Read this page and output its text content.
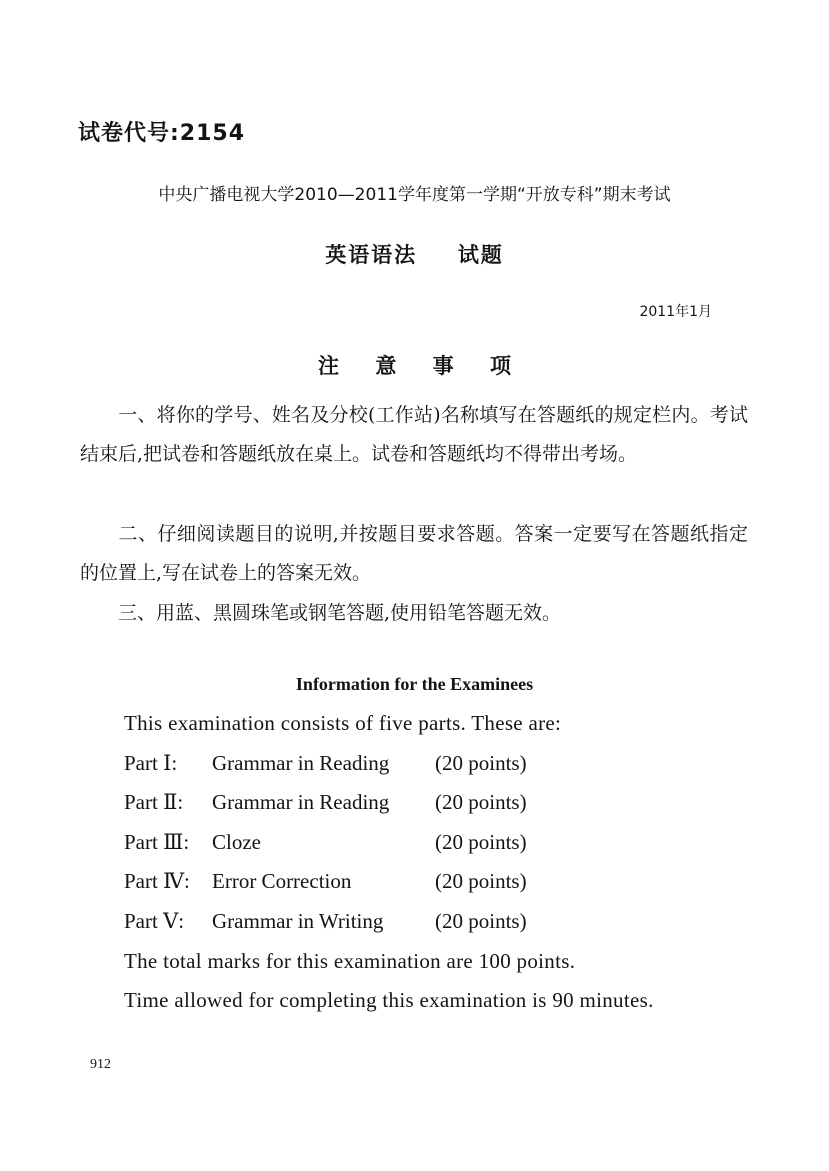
试卷代号:2154
中央广播电视大学2010—2011学年度第一学期“开放专科”期末考试
英语语法 试题
2011年1月
注 意 事 项
一、将你的学号、姓名及分校(工作站)名称填写在答题纸的规定栏内。考试结束后,把试卷和答题纸放在桌上。试卷和答题纸均不得带出考场。
二、仔细阅读题目的说明,并按题目要求答题。答案一定要写在答题纸指定的位置上,写在试卷上的答案无效。
三、用蓝、黑圆珠笔或钢笔答题,使用铅笔答题无效。
Information for the Examinees
This examination consists of five parts. These are:
Part Ⅰ: Grammar in Reading (20 points)
Part Ⅱ: Grammar in Reading (20 points)
Part Ⅲ: Cloze	(20 points)
Part Ⅳ: Error Correction	(20 points)
Part Ⅴ: Grammar in Writing (20 points)
The total marks for this examination are 100 points.
Time allowed for completing this examination is 90 minutes.
912
